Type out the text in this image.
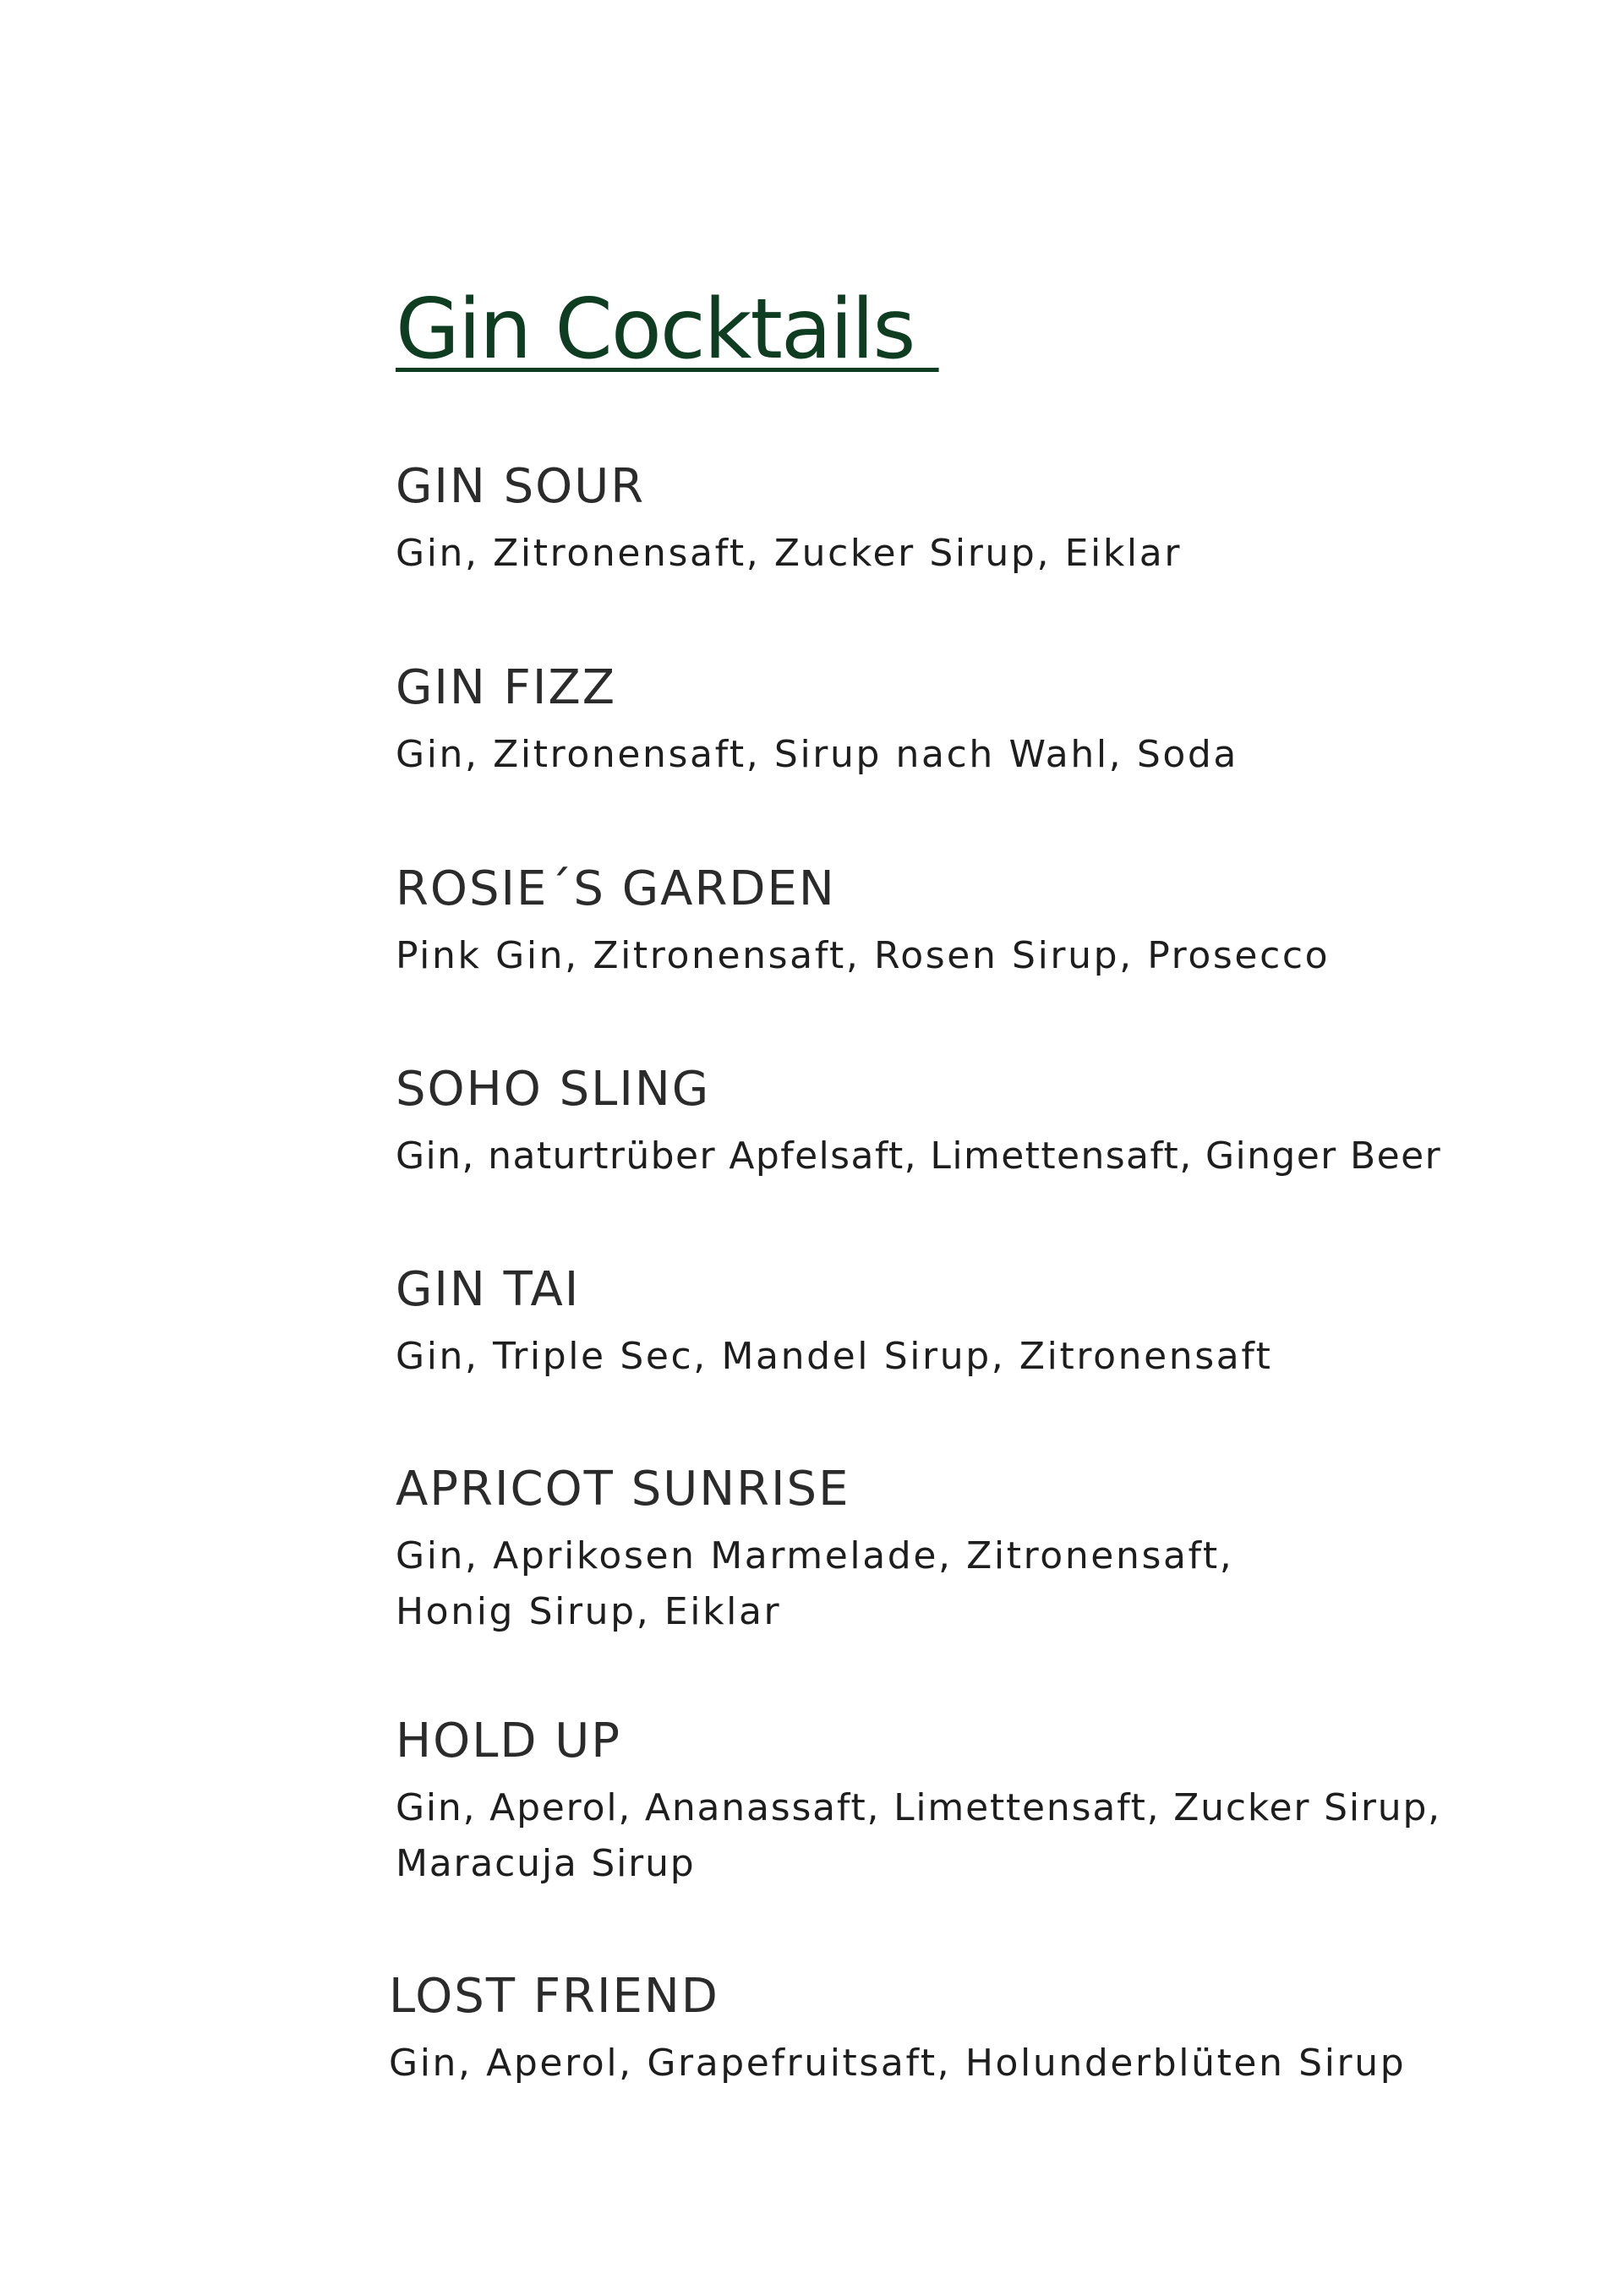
Gin Cocktails

GIN SOUR

Gin, Zitronensaft, Zucker Sirup, Eiklar

GIN FIZZ

Gin, Zitronensaft, Sirup nach Wahl, Soda

ROSIE´S GARDEN

Pink Gin, Zitronensaft, Rosen Sirup, Prosecco

SOHO SLING

Gin, naturtrüber Apfelsaft, Limettensaft, Ginger Beer

GIN TAI

Gin, Triple Sec, Mandel Sirup, Zitronensaft

APRICOT SUNRISE

Gin, Aprikosen Marmelade, Zitronensaft,
Honig Sirup, Eiklar

HOLD UP

Gin, Aperol, Ananassaft, Limettensaft, Zucker Sirup,
Maracuja Sirup

LOST FRIEND

Gin, Aperol, Grapefruitsaft, Holunderblüten Sirup
